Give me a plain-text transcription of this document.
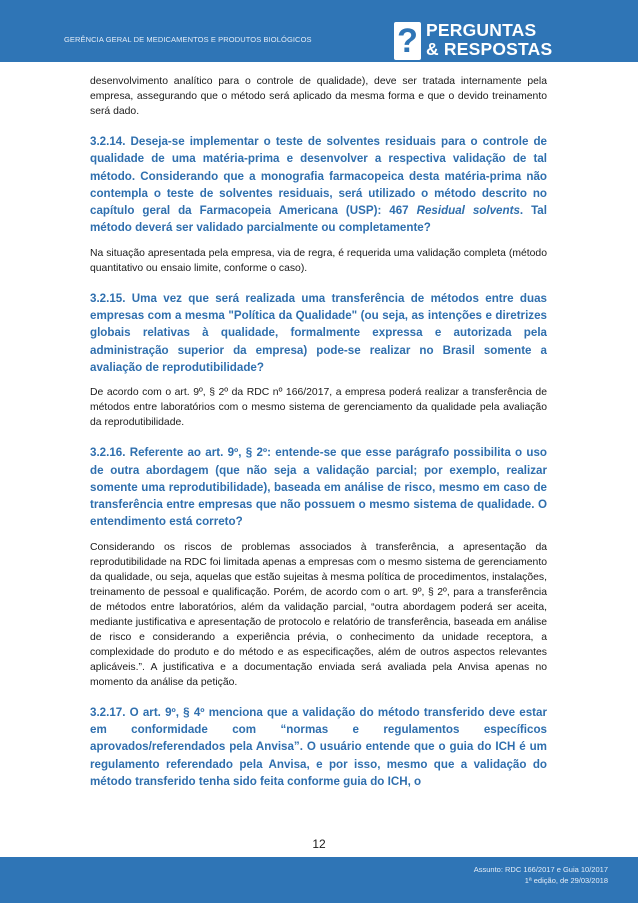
GERÊNCIA GERAL DE MEDICAMENTOS E PRODUTOS BIOLÓGICOS	? PERGUNTAS
& RESPOSTAS

desenvolvimento analítico para o controle de qualidade), deve ser tratada internamente pela empresa, assegurando que o método será aplicado da mesma forma e que o devido treinamento será dado.

3.2.14. Deseja-se implementar o teste de solventes residuais para o controle de qualidade de uma matéria-prima e desenvolver a respectiva validação de tal método. Considerando que a monografia farmacopeica desta matéria-prima não contempla o teste de solventes residuais, será utilizado o método descrito no capítulo geral da Farmacopeia Americana (USP): 467 Residual solvents. Tal método deverá ser validado parcialmente ou completamente?

Na situação apresentada pela empresa, via de regra, é requerida uma validação completa (método quantitativo ou ensaio limite, conforme o caso).

3.2.15. Uma vez que será realizada uma transferência de métodos entre duas empresas com a mesma "Política da Qualidade" (ou seja, as intenções e diretrizes globais relativas à qualidade, formalmente expressa e autorizada pela administração superior da empresa) pode-se realizar no Brasil somente a avaliação de reprodutibilidade?

De acordo com o art. 9º, § 2º da RDC nº 166/2017, a empresa poderá realizar a transferência de métodos entre laboratórios com o mesmo sistema de gerenciamento da qualidade pela avaliação da reprodutibilidade.

3.2.16. Referente ao art. 9º, § 2º: entende-se que esse parágrafo possibilita o uso de outra abordagem (que não seja a validação parcial; por exemplo, realizar somente uma reprodutibilidade), baseada em análise de risco, mesmo em caso de transferência entre empresas que não possuem o mesmo sistema de qualidade. O entendimento está correto?

Considerando os riscos de problemas associados à transferência, a apresentação da reprodutibilidade na RDC foi limitada apenas a empresas com o mesmo sistema de gerenciamento da qualidade, ou seja, aquelas que estão sujeitas à mesma política de procedimentos, instalações, treinamento de pessoal e qualificação. Porém, de acordo com o art. 9º, § 2º, para a transferência de métodos entre laboratórios, além da validação parcial, “outra abordagem poderá ser aceita, mediante justificativa e apresentação de protocolo e relatório de transferência, baseada em análise de risco e considerando a experiência prévia, o conhecimento da unidade receptora, a complexidade do produto e do método e as especificações, além de outros aspectos relevantes aplicáveis.”. A justificativa e a documentação enviada será avaliada pela Anvisa apenas no momento da análise da petição.

3.2.17. O art. 9º, § 4º menciona que a validação do método transferido deve estar em conformidade com “normas e regulamentos específicos aprovados/referendados pela Anvisa”. O usuário entende que o guia do ICH é um regulamento referendado pela Anvisa, e por isso, mesmo que a validação do método transferido tenha sido feita conforme guia do ICH, o

12
Assunto: RDC 166/2017 e Guia 10/2017
1ª edição, de 29/03/2018
